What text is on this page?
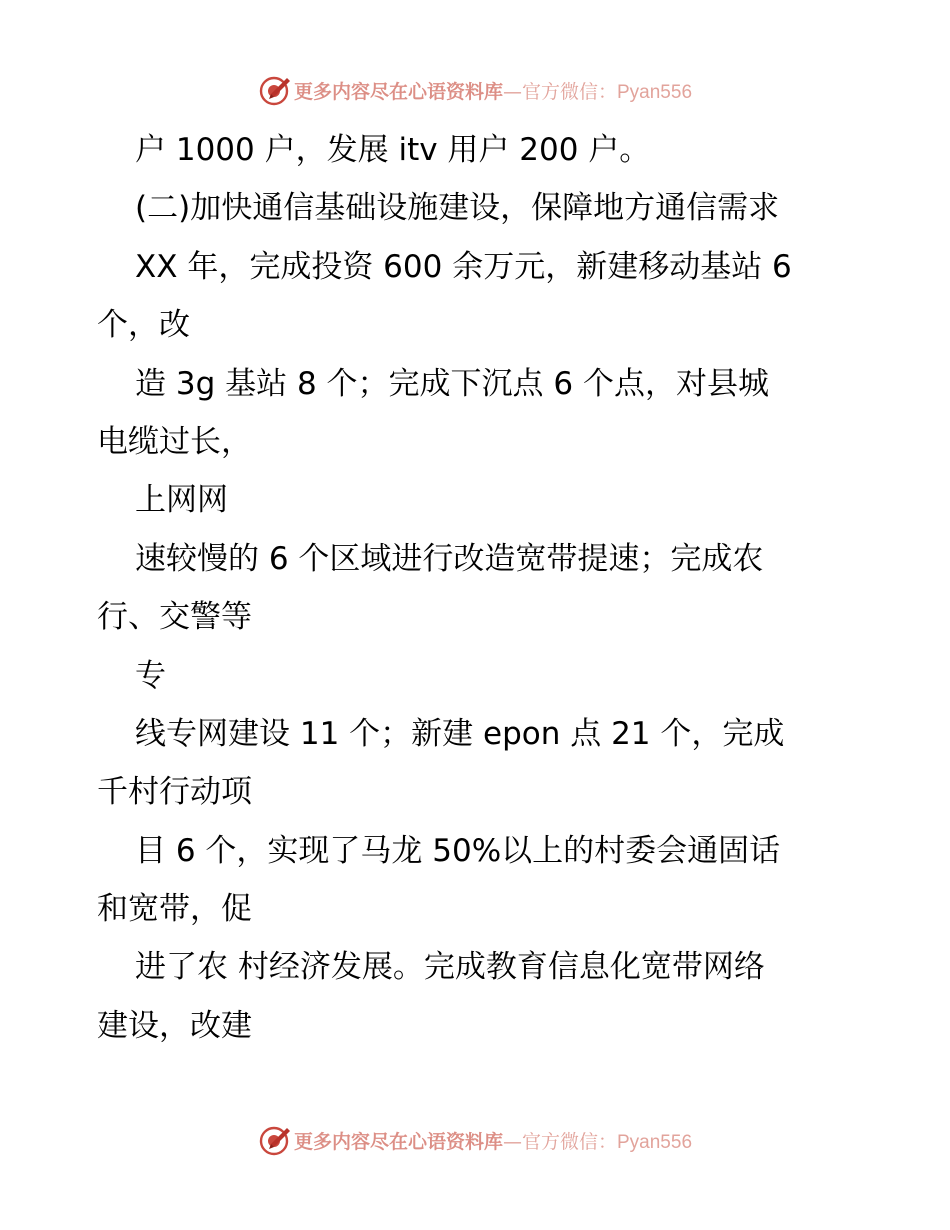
更多内容尽在心语资料库—官方微信：Pyan556
户 1000 户，发展 itv 用户 200 户。
(二)加快通信基础设施建设，保障地方通信需求
XX 年，完成投资 600 余万元，新建移动基站 6
个，改
造 3g 基站 8 个；完成下沉点 6 个点，对县城
电缆过长，
上网网
速较慢的 6 个区域进行改造宽带提速；完成农
行、交警等
专
线专网建设 11 个；新建 epon 点 21 个，完成
千村行动项
目 6 个，实现了马龙 50%以上的村委会通固话
和宽带，促
进了农 村经济发展。完成教育信息化宽带网络
建设，改建
更多内容尽在心语资料库—官方微信：Pyan556
